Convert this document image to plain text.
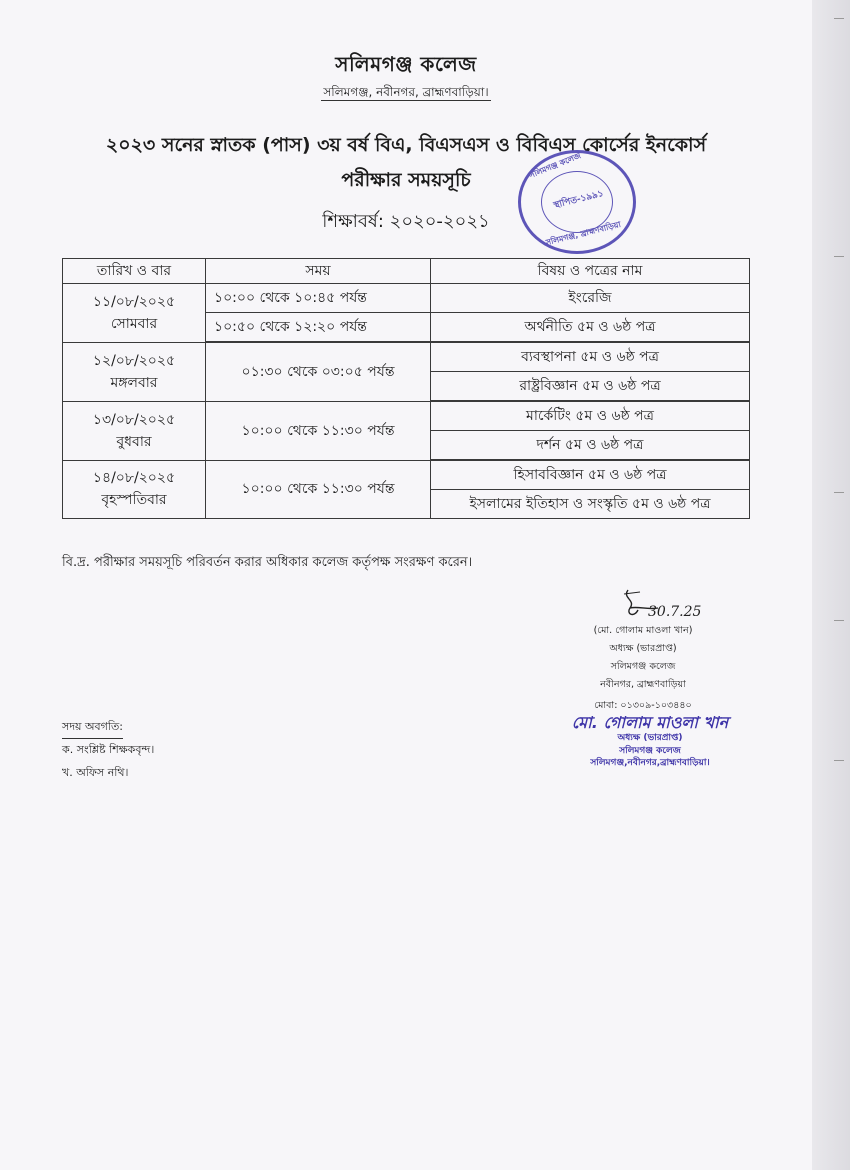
সলিমগঞ্জ কলেজ
সলিমগঞ্জ, নবীনগর, ব্রাহ্মণবাড়িয়া।
২০২৩ সনের স্নাতক (পাস) ৩য় বর্ষ বিএ, বিএসএস ও বিবিএস কোর্সের ইনকোর্স
পরীক্ষার সময়সূচি
শিক্ষাবর্ষ: ২০২০-২০২১
সলিমগঞ্জ কলেজ
স্থাপিত-১৯৯১
সলিমগঞ্জ, ব্রাহ্মণবাড়িয়া
তারিখ ও বার	সময়	বিষয় ও পত্রের নাম

১১/০৮/২০২৫
সোমবার	১০:০০ থেকে ১০:৪৫ পর্যন্ত	ইংরেজি
	১০:৫০ থেকে ১২:২০ পর্যন্ত	অর্থনীতি ৫ম ও ৬ষ্ঠ পত্র

১২/০৮/২০২৫
মঙ্গলবার	০১:৩০ থেকে ০৩:০৫ পর্যন্ত	ব্যবস্থাপনা ৫ম ও ৬ষ্ঠ পত্র
		রাষ্ট্রবিজ্ঞান ৫ম ও ৬ষ্ঠ পত্র

১৩/০৮/২০২৫
বুধবার	১০:০০ থেকে ১১:৩০ পর্যন্ত	মার্কেটিং ৫ম ও ৬ষ্ঠ পত্র
		দর্শন ৫ম ও ৬ষ্ঠ পত্র

১৪/০৮/২০২৫
বৃহস্পতিবার	১০:০০ থেকে ১১:৩০ পর্যন্ত	হিসাববিজ্ঞান ৫ম ও ৬ষ্ঠ পত্র
		ইসলামের ইতিহাস ও সংস্কৃতি ৫ম ও ৬ষ্ঠ পত্র
বি.দ্র. পরীক্ষার সময়সূচি পরিবর্তন করার অধিকার কলেজ কর্তৃপক্ষ সংরক্ষণ করেন।
30.7.25
(মো. গোলাম মাওলা খান)
অধ্যক্ষ (ভারপ্রাপ্ত)
সলিমগঞ্জ কলেজ
নবীনগর, ব্রাহ্মণবাড়িয়া
মোবা: ০১৩০৯-১০৩৪৪০
মো. গোলাম মাওলা খান
অধ্যক্ষ (ভারপ্রাপ্ত)
সলিমগঞ্জ কলেজ
সলিমগঞ্জ,নবীনগর,ব্রাহ্মণবাড়িয়া।
সদয় অবগতি:
ক. সংশ্লিষ্ট শিক্ষকবৃন্দ।
খ. অফিস নথি।
